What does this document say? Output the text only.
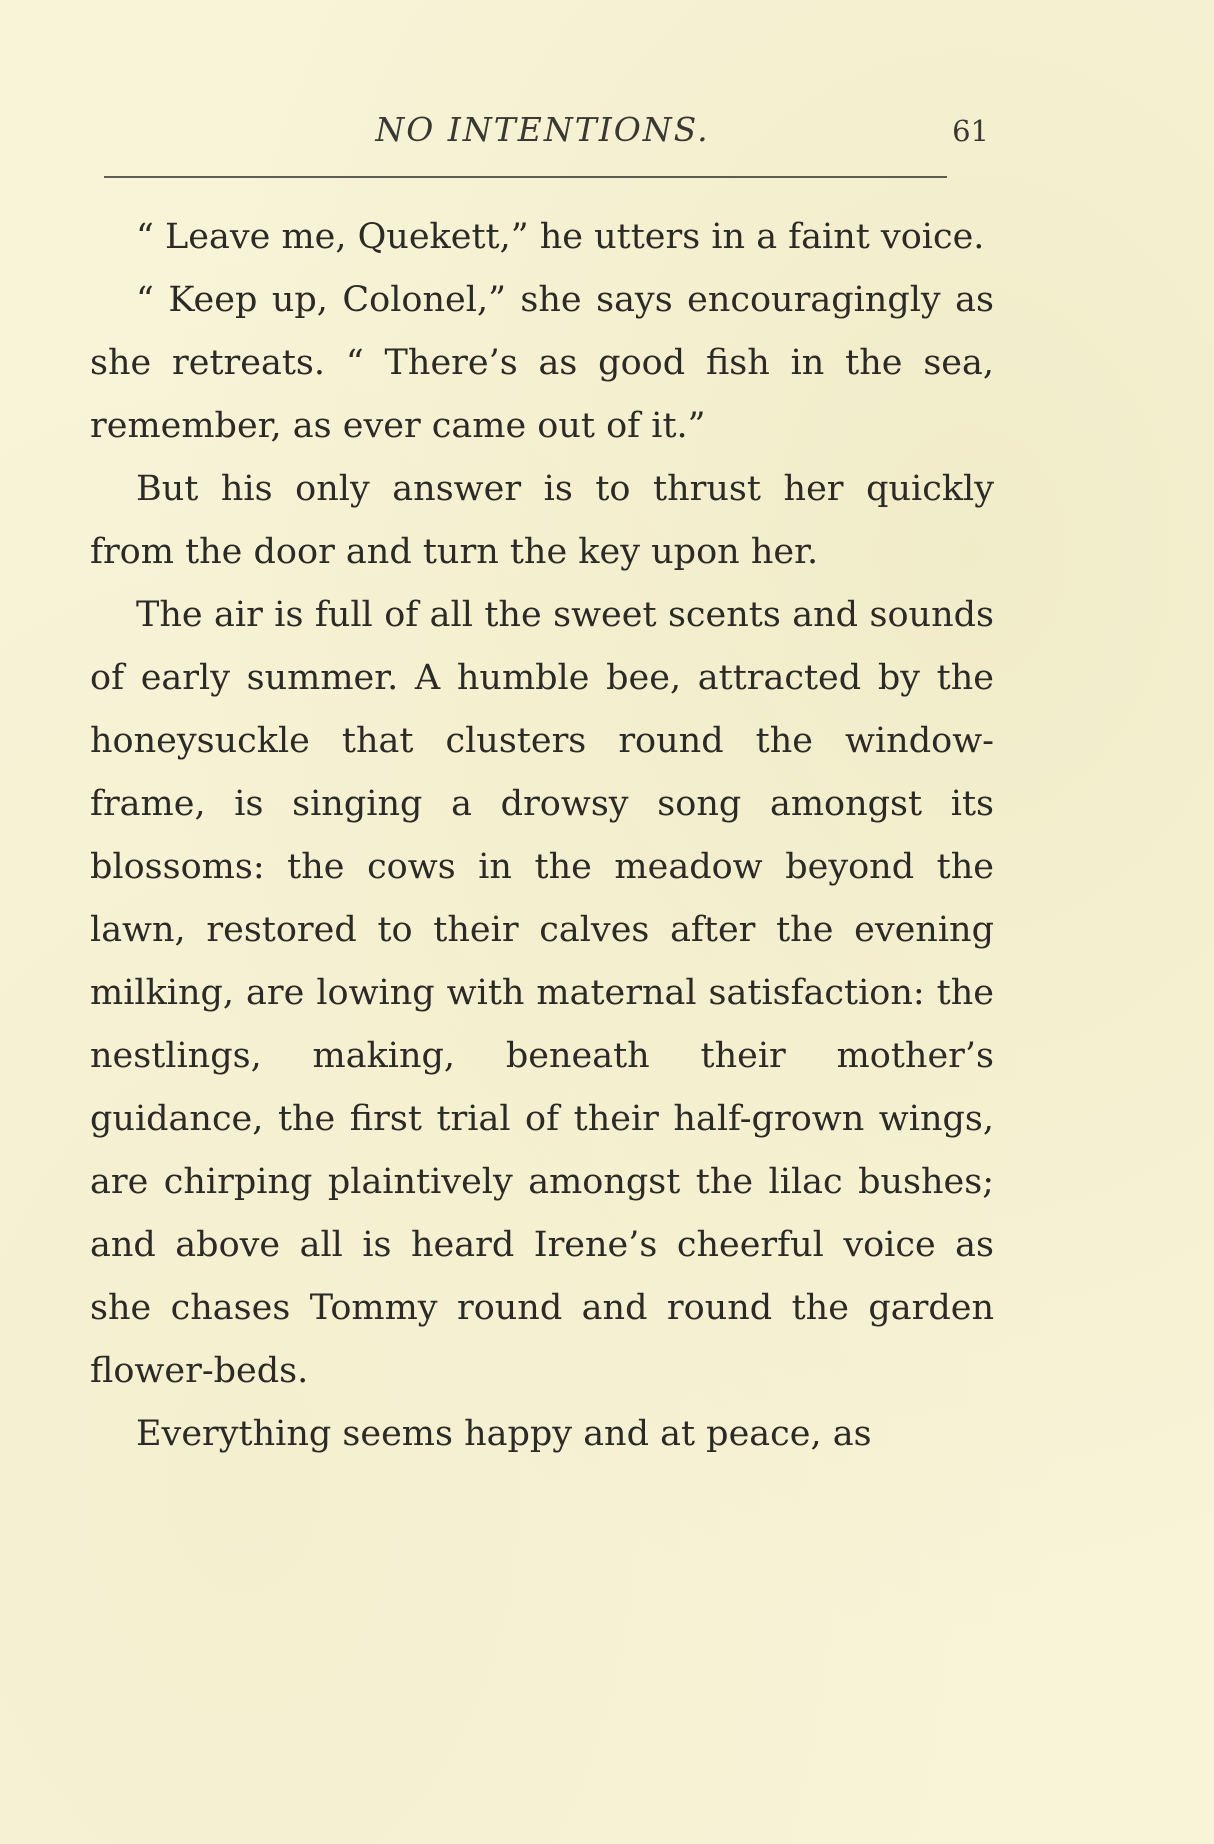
NO INTENTIONS.	61

“ Leave me, Quekett,” he utters in a faint voice.

“ Keep up, Colonel,” she says encouragingly as she retreats. “ There’s as good fish in the sea, remember, as ever came out of it.”

But his only answer is to thrust her quickly from the door and turn the key upon her.

The air is full of all the sweet scents and sounds of early summer. A humble bee, attracted by the honeysuckle that clusters round the window-frame, is singing a drowsy song amongst its blossoms: the cows in the meadow beyond the lawn, restored to their calves after the evening milking, are lowing with maternal satisfaction: the nestlings, making, beneath their mother’s guidance, the first trial of their half-grown wings, are chirping plaintively amongst the lilac bushes; and above all is heard Irene’s cheerful voice as she chases Tommy round and round the garden flower-beds.

Everything seems happy and at peace, as
